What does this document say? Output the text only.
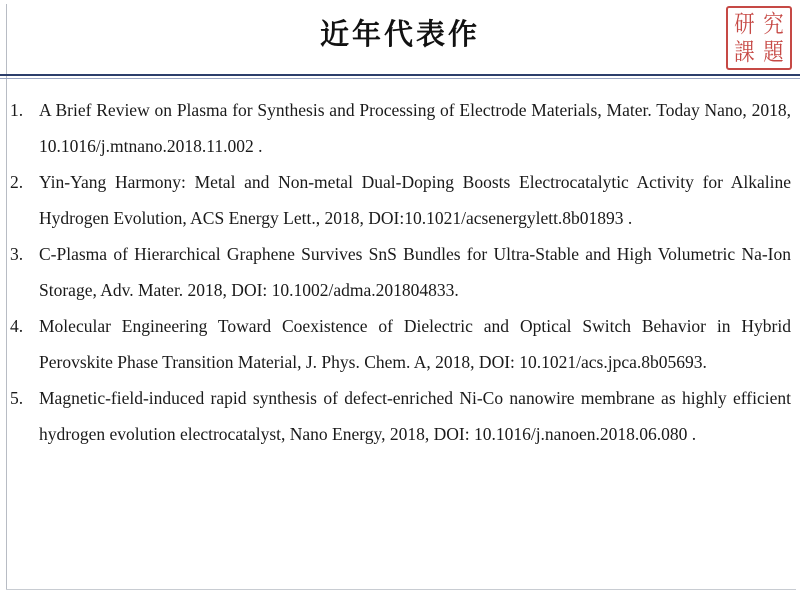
近年代表作	研 究
課 題
1. A Brief Review on Plasma for Synthesis and Processing of Electrode Materials, Mater. Today Nano, 2018, 10.1016/j.mtnano.2018.11.002 .
2. Yin-Yang Harmony: Metal and Non-metal Dual-Doping Boosts Electrocatalytic Activity for Alkaline Hydrogen Evolution, ACS Energy Lett., 2018, DOI:10.1021/acsenergylett.8b01893 .
3. C-Plasma of Hierarchical Graphene Survives SnS Bundles for Ultra-Stable and High Volumetric Na-Ion Storage, Adv. Mater. 2018, DOI: 10.1002/adma.201804833.
4. Molecular Engineering Toward Coexistence of Dielectric and Optical Switch Behavior in Hybrid Perovskite Phase Transition Material, J. Phys. Chem. A, 2018, DOI: 10.1021/acs.jpca.8b05693.
5. Magnetic-field-induced rapid synthesis of defect-enriched Ni-Co nanowire membrane as highly efficient hydrogen evolution electrocatalyst, Nano Energy, 2018, DOI: 10.1016/j.nanoen.2018.06.080 .
